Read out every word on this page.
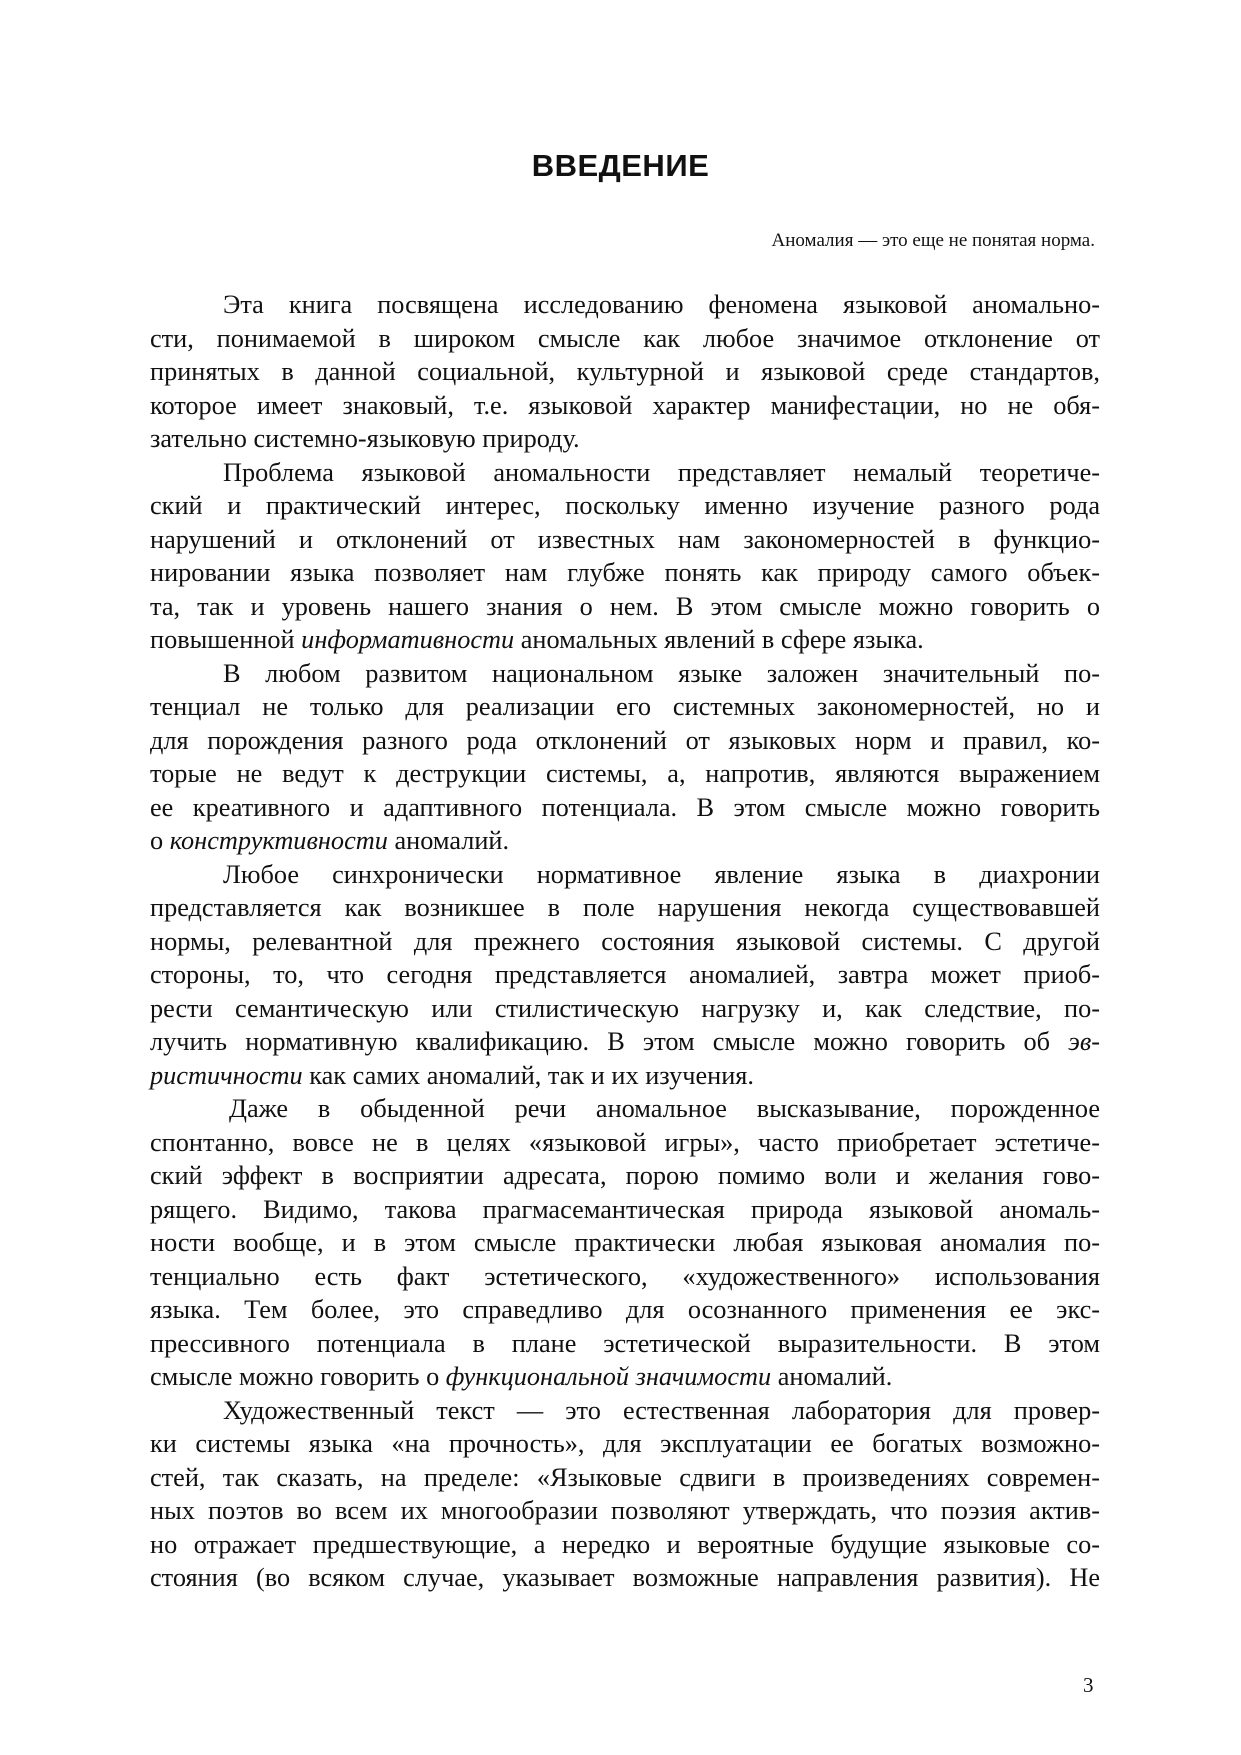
ВВЕДЕНИЕ

Аномалия — это еще не понятая норма.

Эта книга посвящена исследованию феномена языковой аномально-
сти, понимаемой в широком смысле как любое значимое отклонение от
принятых в данной социальной, культурной и языковой среде стандартов,
которое имеет знаковый, т.е. языковой характер манифестации, но не обя-
зательно системно-языковую природу.
Проблема языковой аномальности представляет немалый теоретиче-
ский и практический интерес, поскольку именно изучение разного рода
нарушений и отклонений от известных нам закономерностей в функцио-
нировании языка позволяет нам глубже понять как природу самого объек-
та, так и уровень нашего знания о нем. В этом смысле можно говорить о
повышенной информативности аномальных явлений в сфере языка.
В любом развитом национальном языке заложен значительный по-
тенциал не только для реализации его системных закономерностей, но и
для порождения разного рода отклонений от языковых норм и правил, ко-
торые не ведут к деструкции системы, а, напротив, являются выражением
ее креативного и адаптивного потенциала. В этом смысле можно говорить
о конструктивности аномалий.
Любое синхронически нормативное явление языка в диахронии
представляется как возникшее в поле нарушения некогда существовавшей
нормы, релевантной для прежнего состояния языковой системы. С другой
стороны, то, что сегодня представляется аномалией, завтра может приоб-
рести семантическую или стилистическую нагрузку и, как следствие, по-
лучить нормативную квалификацию. В этом смысле можно говорить об эв-
ристичности как самих аномалий, так и их изучения.
Даже в обыденной речи аномальное высказывание, порожденное
спонтанно, вовсе не в целях «языковой игры», часто приобретает эстетиче-
ский эффект в восприятии адресата, порою помимо воли и желания гово-
рящего. Видимо, такова прагмасемантическая природа языковой аномаль-
ности вообще, и в этом смысле практически любая языковая аномалия по-
тенциально есть факт эстетического, «художественного» использования
языка. Тем более, это справедливо для осознанного применения ее экс-
прессивного потенциала в плане эстетической выразительности. В этом
смысле можно говорить о функциональной значимости аномалий.
Художественный текст — это естественная лаборатория для провер-
ки системы языка «на прочность», для эксплуатации ее богатых возможно-
стей, так сказать, на пределе: «Языковые сдвиги в произведениях современ-
ных поэтов во всем их многообразии позволяют утверждать, что поэзия актив-
но отражает предшествующие, а нередко и вероятные будущие языковые со-
стояния (во всяком случае, указывает возможные направления развития). Не

3
